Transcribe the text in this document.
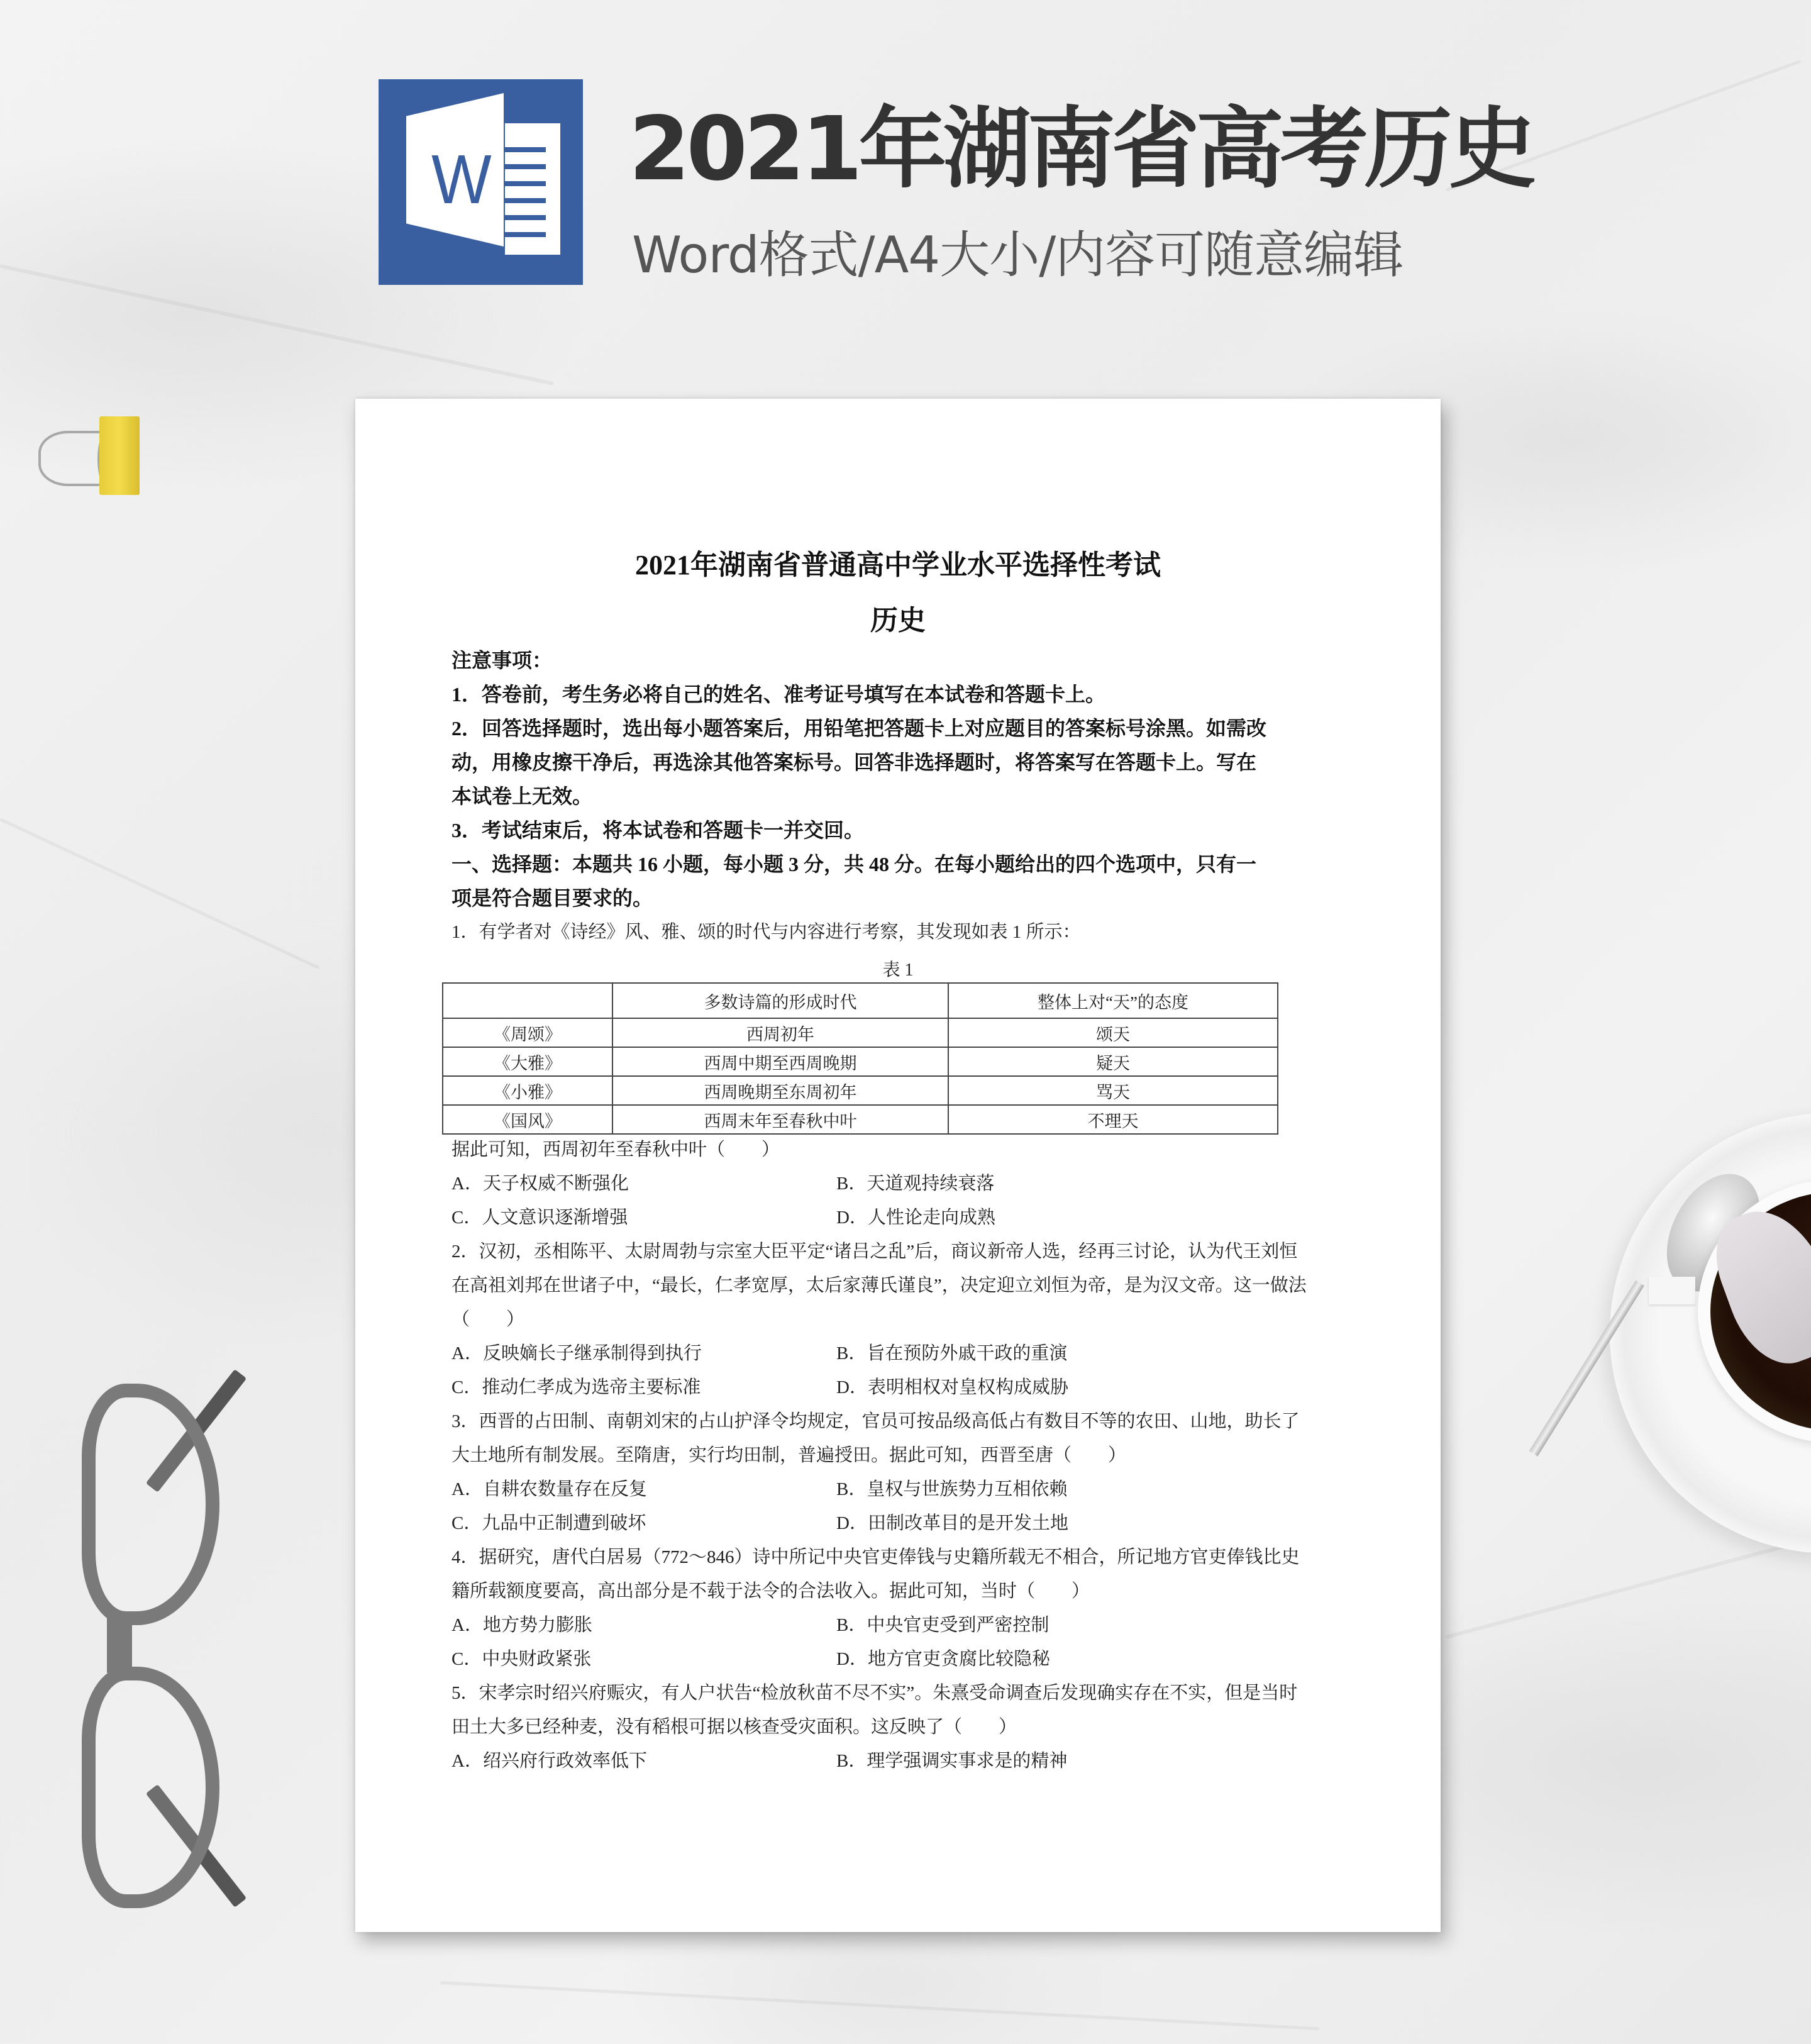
W 2021年湖南省高考历史
Word格式/A4大小/内容可随意编辑
2021年湖南省普通高中学业水平选择性考试
历史
注意事项：
1．答卷前，考生务必将自己的姓名、准考证号填写在本试卷和答题卡上。
2．回答选择题时，选出每小题答案后，用铅笔把答题卡上对应题目的答案标号涂黑。如需改
动，用橡皮擦干净后，再选涂其他答案标号。回答非选择题时，将答案写在答题卡上。写在
本试卷上无效。
3．考试结束后，将本试卷和答题卡一并交回。
一、选择题：本题共 16 小题，每小题 3 分，共 48 分。在每小题给出的四个选项中，只有一
项是符合题目要求的。
1．有学者对《诗经》风、雅、颂的时代与内容进行考察，其发现如表 1 所示：
表 1
	多数诗篇的形成时代	整体上对“天”的态度
《周颂》	西周初年	颂天
《大雅》	西周中期至西周晚期	疑天
《小雅》	西周晚期至东周初年	骂天
《国风》	西周末年至春秋中叶	不理天
据此可知，西周初年至春秋中叶（　　）
A．天子权威不断强化	B．天道观持续衰落
C．人文意识逐渐增强	D．人性论走向成熟
2．汉初，丞相陈平、太尉周勃与宗室大臣平定“诸吕之乱”后，商议新帝人选，经再三讨论，认为代王刘恒
在高祖刘邦在世诸子中，“最长，仁孝宽厚，太后家薄氏谨良”，决定迎立刘恒为帝，是为汉文帝。这一做法
（　　）
A．反映嫡长子继承制得到执行	B．旨在预防外戚干政的重演
C．推动仁孝成为选帝主要标准	D．表明相权对皇权构成威胁
3．西晋的占田制、南朝刘宋的占山护泽令均规定，官员可按品级高低占有数目不等的农田、山地，助长了
大土地所有制发展。至隋唐，实行均田制，普遍授田。据此可知，西晋至唐（　　）
A．自耕农数量存在反复	B．皇权与世族势力互相依赖
C．九品中正制遭到破坏	D．田制改革目的是开发土地
4．据研究，唐代白居易（772～846）诗中所记中央官吏俸钱与史籍所载无不相合，所记地方官吏俸钱比史
籍所载额度要高，高出部分是不载于法令的合法收入。据此可知，当时（　　）
A．地方势力膨胀	B．中央官吏受到严密控制
C．中央财政紧张	D．地方官吏贪腐比较隐秘
5．宋孝宗时绍兴府赈灾，有人户状告“检放秋苗不尽不实”。朱熹受命调查后发现确实存在不实，但是当时
田土大多已经种麦，没有稻根可据以核查受灾面积。这反映了（　　）
A．绍兴府行政效率低下	B．理学强调实事求是的精神
